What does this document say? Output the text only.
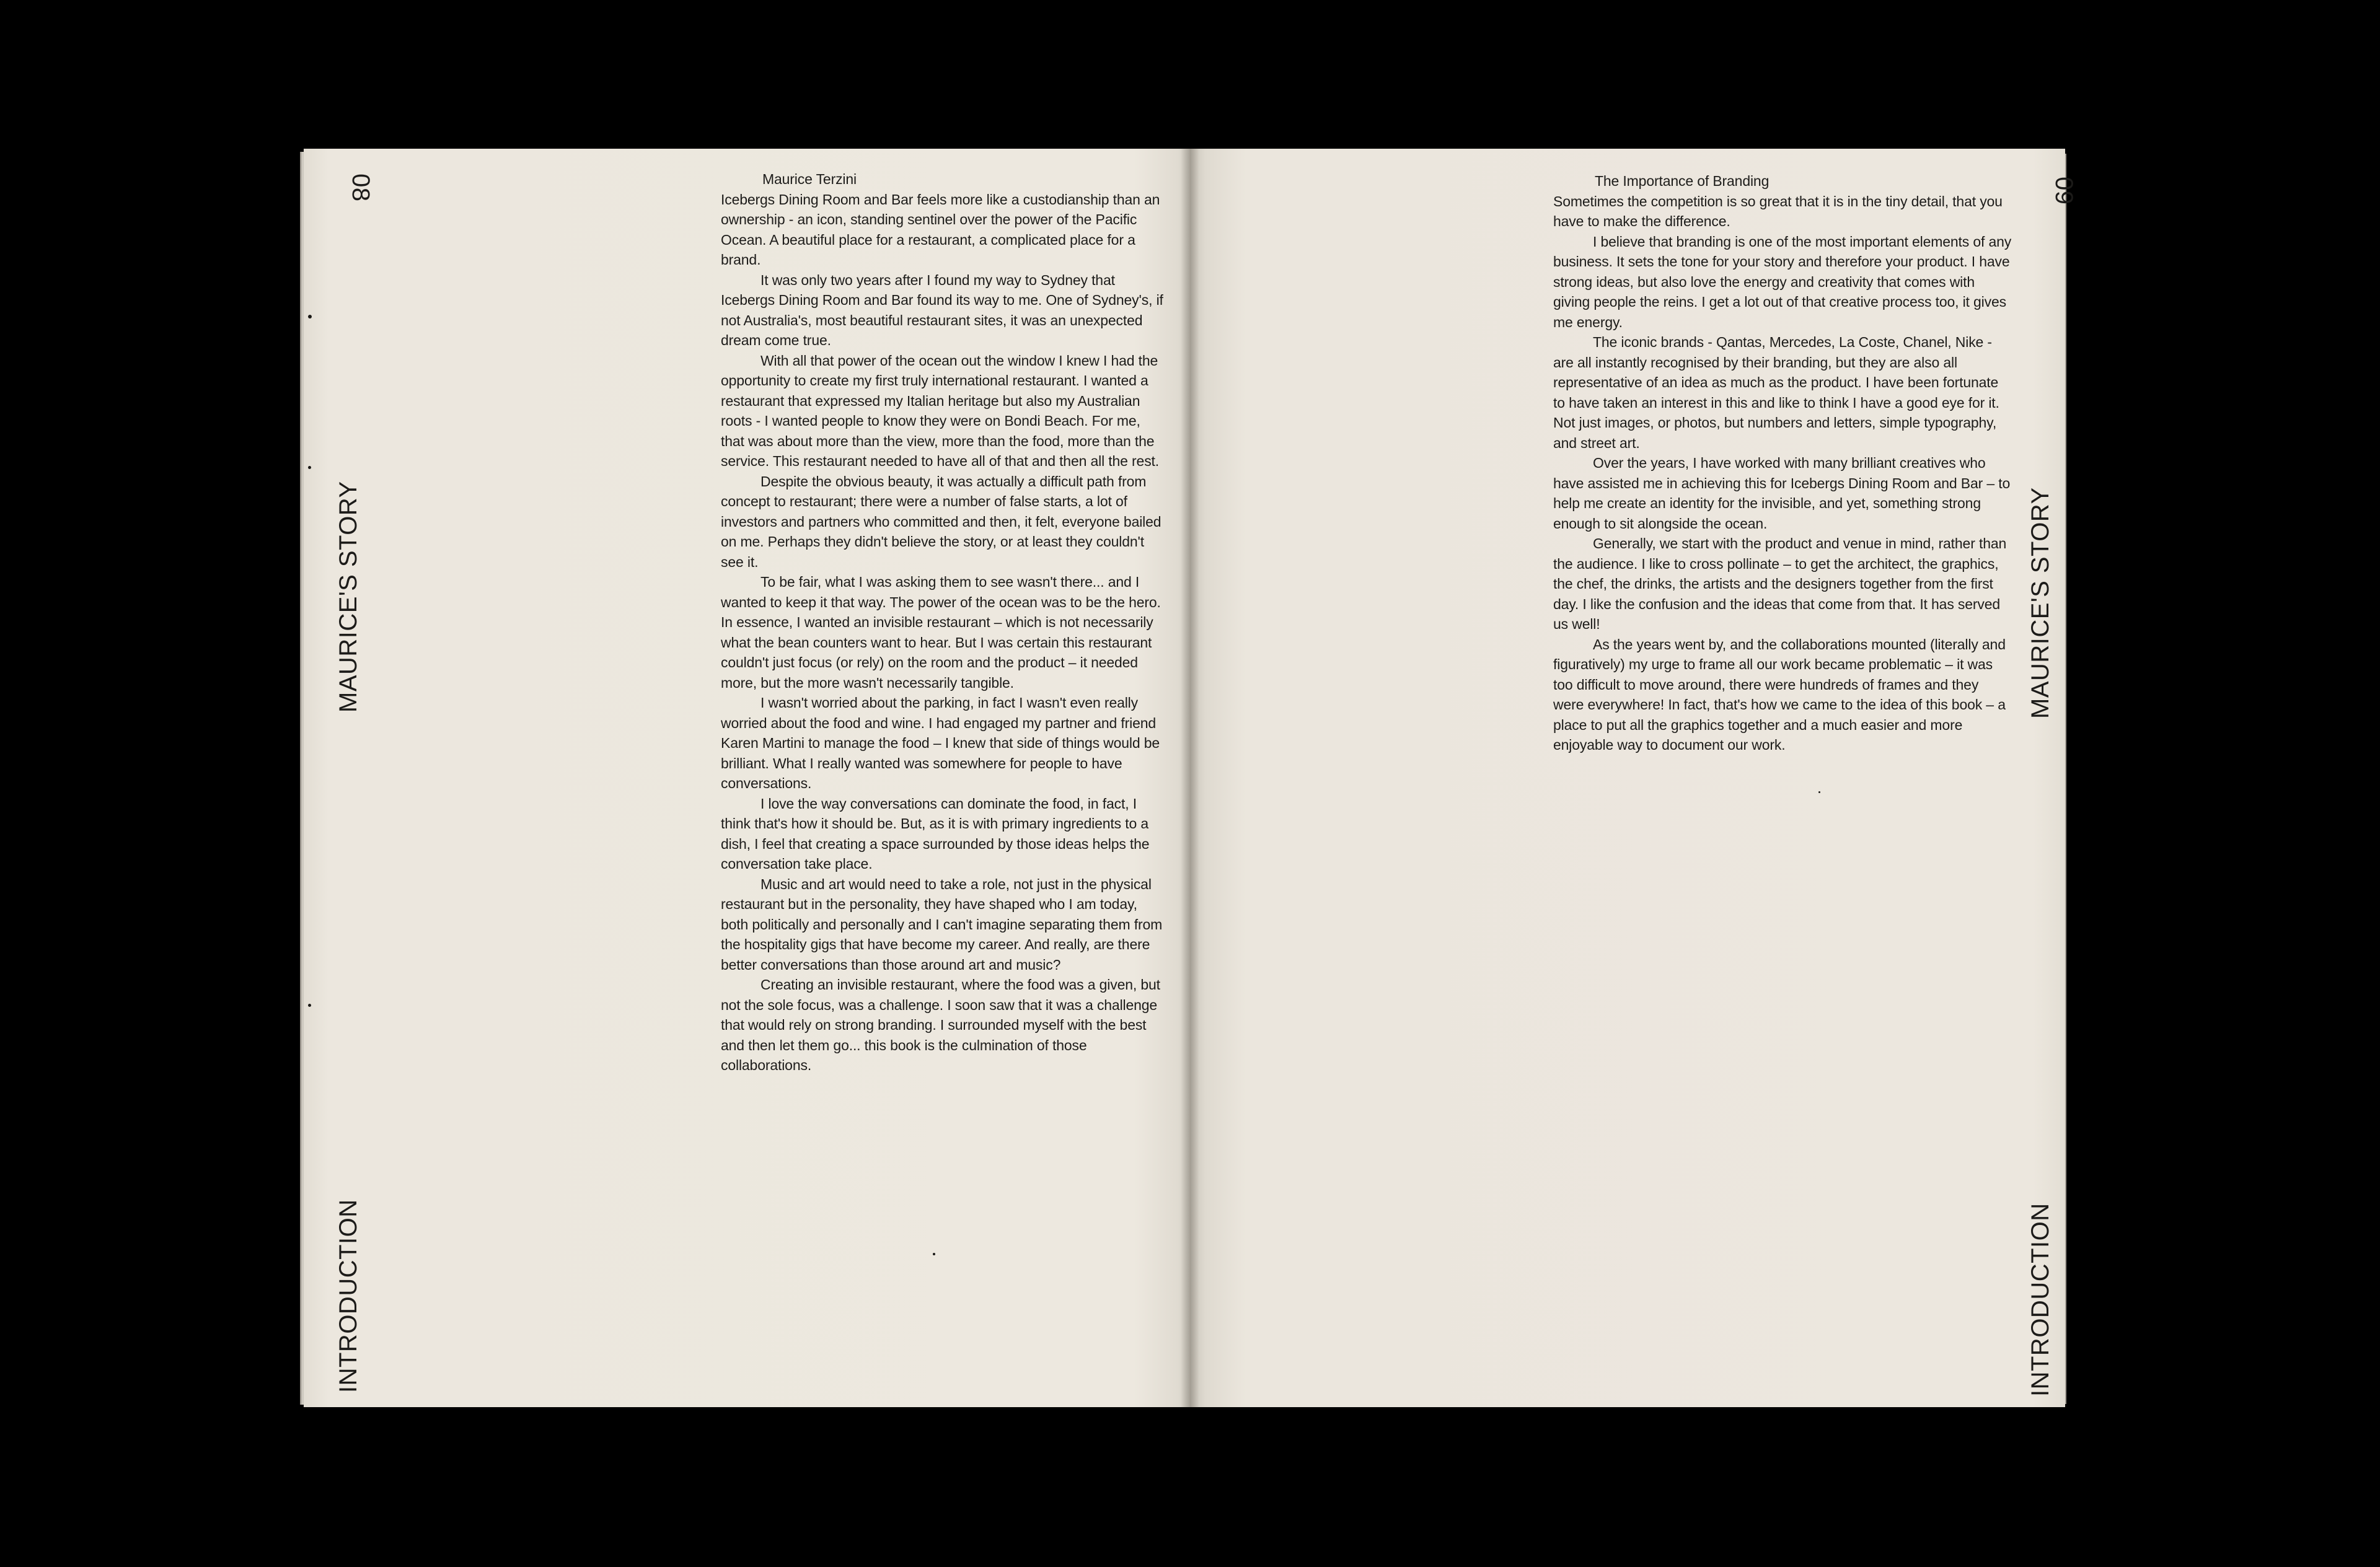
08
MAURICE'S STORY
INTRODUCTION
09
MAURICE'S STORY
INTRODUCTION
Maurice Terzini

Icebergs Dining Room and Bar feels more like a custodianship than an ownership - an icon, standing sentinel over the power of the Pacific Ocean. A beautiful place for a restaurant, a complicated place for a brand.

It was only two years after I found my way to Sydney that Icebergs Dining Room and Bar found its way to me. One of Sydney's, if not Australia's, most beautiful restaurant sites, it was an unexpected dream come true.

With all that power of the ocean out the window I knew I had the opportunity to create my first truly international restaurant. I wanted a restaurant that expressed my Italian heritage but also my Australian roots - I wanted people to know they were on Bondi Beach. For me, that was about more than the view, more than the food, more than the service. This restaurant needed to have all of that and then all the rest.

Despite the obvious beauty, it was actually a difficult path from concept to restaurant; there were a number of false starts, a lot of investors and partners who committed and then, it felt, everyone bailed on me. Perhaps they didn't believe the story, or at least they couldn't see it.

To be fair, what I was asking them to see wasn't there... and I wanted to keep it that way. The power of the ocean was to be the hero. In essence, I wanted an invisible restaurant – which is not necessarily what the bean counters want to hear. But I was certain this restaurant couldn't just focus (or rely) on the room and the product – it needed more, but the more wasn't necessarily tangible.

I wasn't worried about the parking, in fact I wasn't even really worried about the food and wine. I had engaged my partner and friend Karen Martini to manage the food – I knew that side of things would be brilliant. What I really wanted was somewhere for people to have conversations.

I love the way conversations can dominate the food, in fact, I think that's how it should be. But, as it is with primary ingredients to a dish, I feel that creating a space surrounded by those ideas helps the conversation take place.

Music and art would need to take a role, not just in the physical restaurant but in the personality, they have shaped who I am today, both politically and personally and I can't imagine separating them from the hospitality gigs that have become my career. And really, are there better conversations than those around art and music?

Creating an invisible restaurant, where the food was a given, but not the sole focus, was a challenge. I soon saw that it was a challenge that would rely on strong branding. I surrounded myself with the best and then let them go... this book is the culmination of those collaborations.

The Importance of Branding

Sometimes the competition is so great that it is in the tiny detail, that you have to make the difference.

I believe that branding is one of the most important elements of any business. It sets the tone for your story and therefore your product. I have strong ideas, but also love the energy and creativity that comes with giving people the reins. I get a lot out of that creative process too, it gives me energy.

The iconic brands - Qantas, Mercedes, La Coste, Chanel, Nike - are all instantly recognised by their branding, but they are also all representative of an idea as much as the product. I have been fortunate to have taken an interest in this and like to think I have a good eye for it. Not just images, or photos, but numbers and letters, simple typography, and street art.

Over the years, I have worked with many brilliant creatives who have assisted me in achieving this for Icebergs Dining Room and Bar – to help me create an identity for the invisible, and yet, something strong enough to sit alongside the ocean.

Generally, we start with the product and venue in mind, rather than the audience. I like to cross pollinate – to get the architect, the graphics, the chef, the drinks, the artists and the designers together from the first day. I like the confusion and the ideas that come from that. It has served us well!

As the years went by, and the collaborations mounted (literally and figuratively) my urge to frame all our work became problematic – it was too difficult to move around, there were hundreds of frames and they were everywhere! In fact, that's how we came to the idea of this book – a place to put all the graphics together and a much easier and more enjoyable way to document our work.
